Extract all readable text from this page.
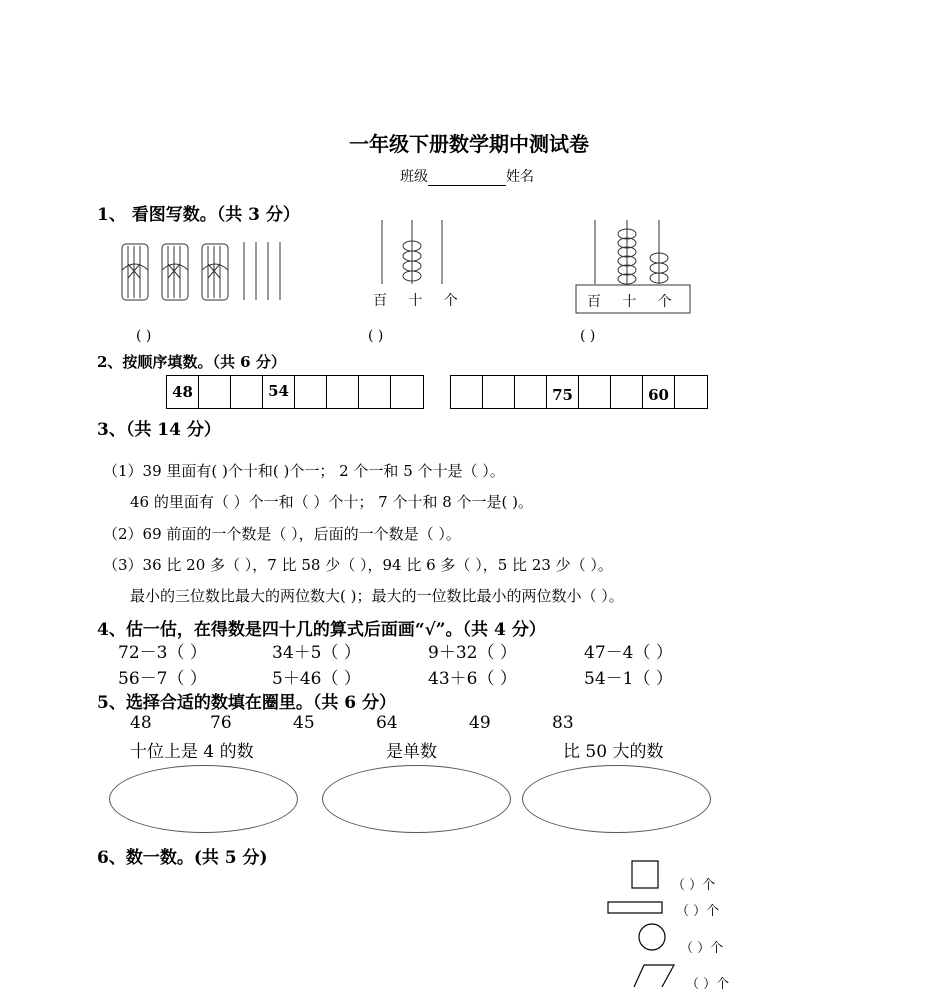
一年级下册数学期中测试卷
班级	姓名
1、 看图写数。（共 3 分）
百 十 个	百 十 个
( )	( )	( )
2、按顺序填数。（共 6 分）
48	54	75	60
3、（共 14 分）
（1）39 里面有( )个十和( )个一； 2 个一和 5 个十是（ ）。
46 的里面有（ ）个一和（ ）个十； 7 个十和 8 个一是( )。
（2）69 前面的一个数是（ ），后面的一个数是（ ）。
（3）36 比 20 多（ ），7 比 58 少（ ），94 比 6 多（ ），5 比 23 少（ ）。
最小的三位数比最大的两位数大( )；最大的一位数比最小的两位数小（ ）。
4、估一估，在得数是四十几的算式后面画“√”。（共 4 分）
72－3（ ）	34＋5（ ）	9＋32（ ）	47－4（ ）
56－7（ ）	5＋46（ ）	43＋6（ ）	54－1（ ）
5、选择合适的数填在圈里。（共 6 分）
48	76	45	64	49	83
十位上是 4 的数	是单数	比 50 大的数
6、数一数。(共 5 分)
（ ）个
（ ）个
（ ）个
（ ）个
